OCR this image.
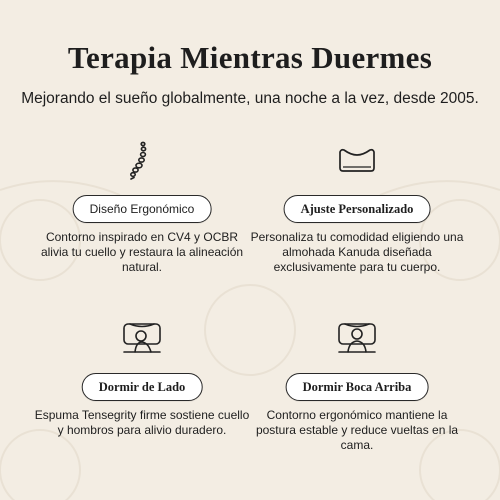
Terapia Mientras Duermes

Mejorando el sueño globalmente, una noche a la vez, desde 2005.

Diseño Ergonómico

Contorno inspirado en CV4 y OCBR alivia tu cuello y restaura la alineación natural.

Ajuste Personalizado

Personaliza tu comodidad eligiendo una almohada Kanuda diseñada exclusivamente para tu cuerpo.

Dormir de Lado

Espuma Tensegrity firme sostiene cuello y hombros para alivio duradero.

Dormir Boca Arriba

Contorno ergonómico mantiene la postura estable y reduce vueltas en la cama.
